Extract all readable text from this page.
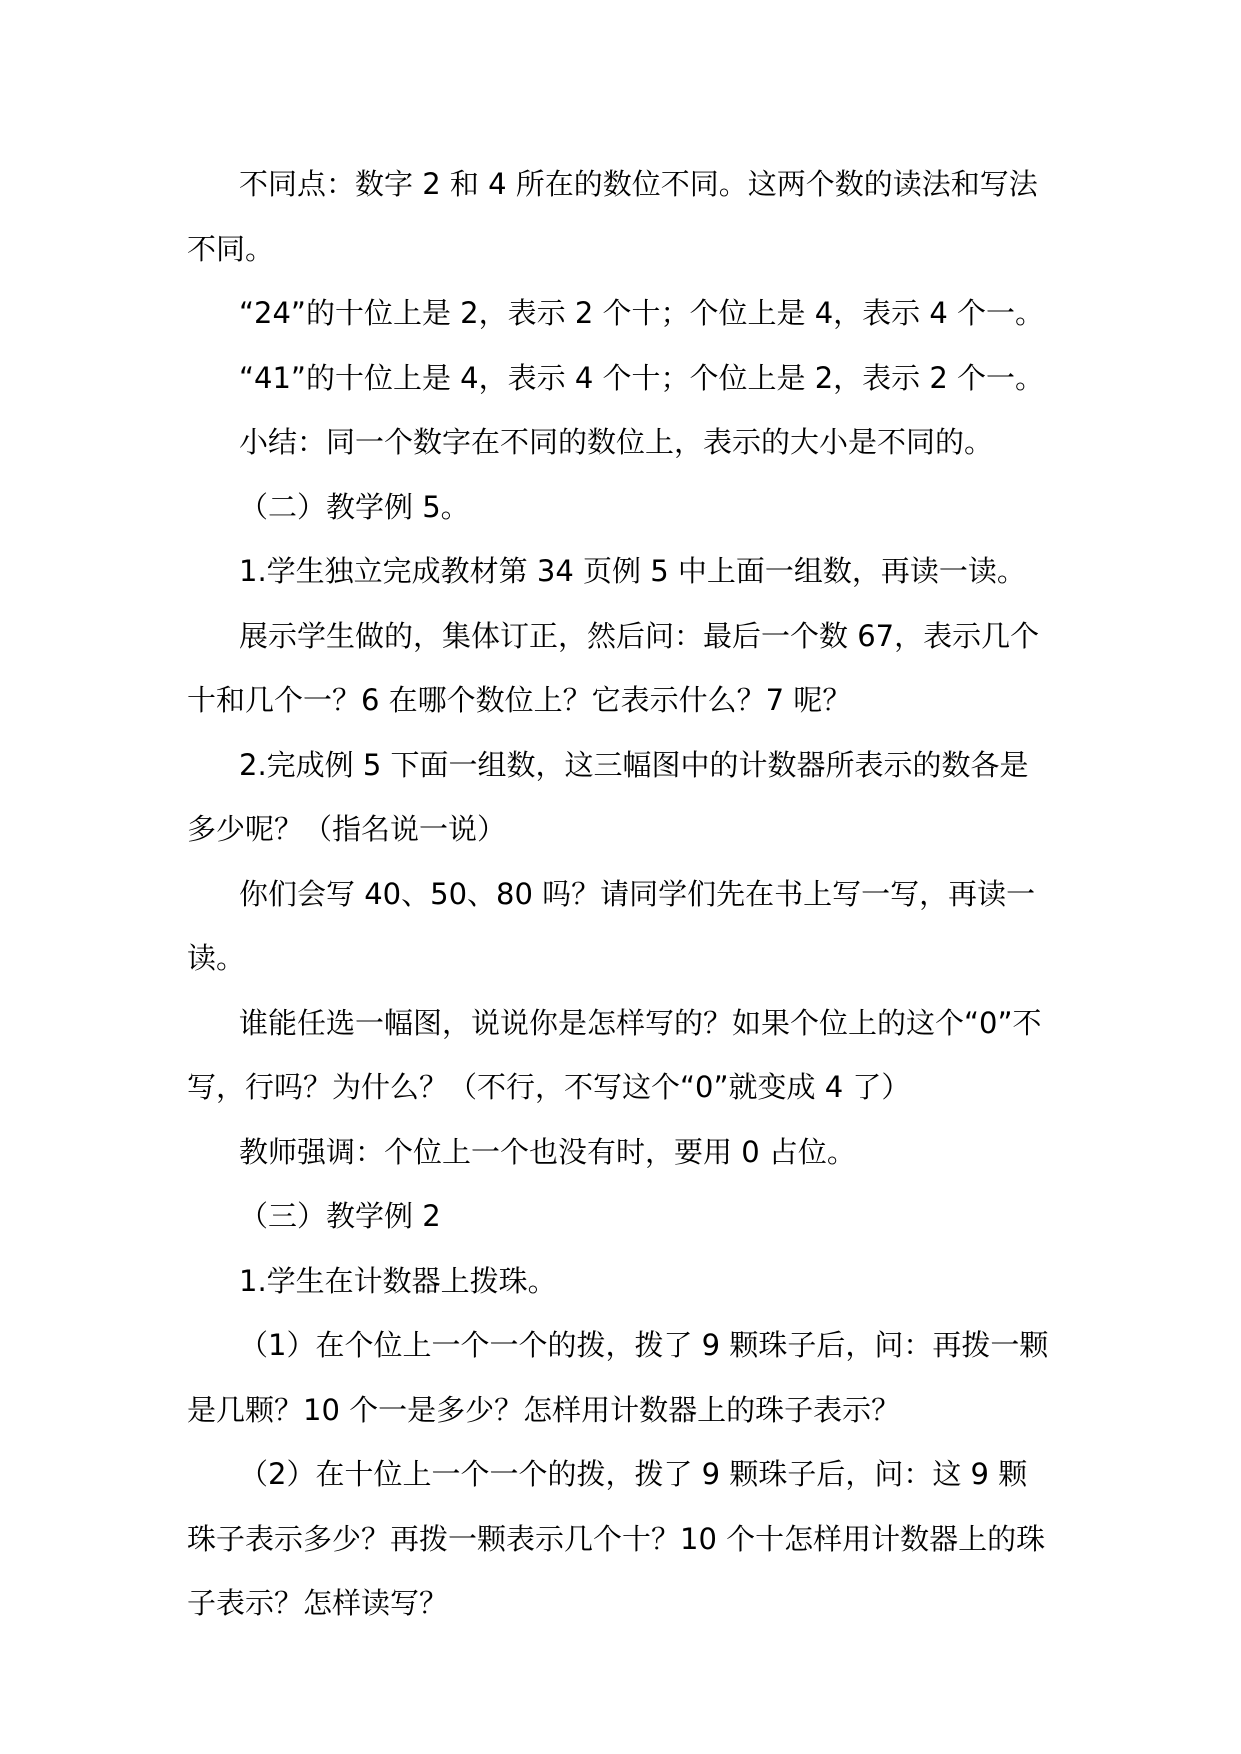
不同点：数字 2 和 4 所在的数位不同。这两个数的读法和写法不同。

“24”的十位上是 2，表示 2 个十；个位上是 4，表示 4 个一。

“41”的十位上是 4，表示 4 个十；个位上是 2，表示 2 个一。

小结：同一个数字在不同的数位上，表示的大小是不同的。

（二）教学例 5。

1.学生独立完成教材第 34 页例 5 中上面一组数，再读一读。

展示学生做的，集体订正，然后问：最后一个数 67，表示几个十和几个一？6 在哪个数位上？它表示什么？7 呢？

2.完成例 5 下面一组数，这三幅图中的计数器所表示的数各是多少呢？（指名说一说）

你们会写 40、50、80 吗？请同学们先在书上写一写，再读一读。

谁能任选一幅图，说说你是怎样写的？如果个位上的这个“0”不写，行吗？为什么？（不行，不写这个“0”就变成 4 了）

教师强调：个位上一个也没有时，要用 0 占位。

（三）教学例 2

1.学生在计数器上拨珠。

（1）在个位上一个一个的拨，拨了 9 颗珠子后，问：再拨一颗是几颗？10 个一是多少？怎样用计数器上的珠子表示？

（2）在十位上一个一个的拨，拨了 9 颗珠子后，问：这 9 颗珠子表示多少？再拨一颗表示几个十？10 个十怎样用计数器上的珠子表示？怎样读写？
